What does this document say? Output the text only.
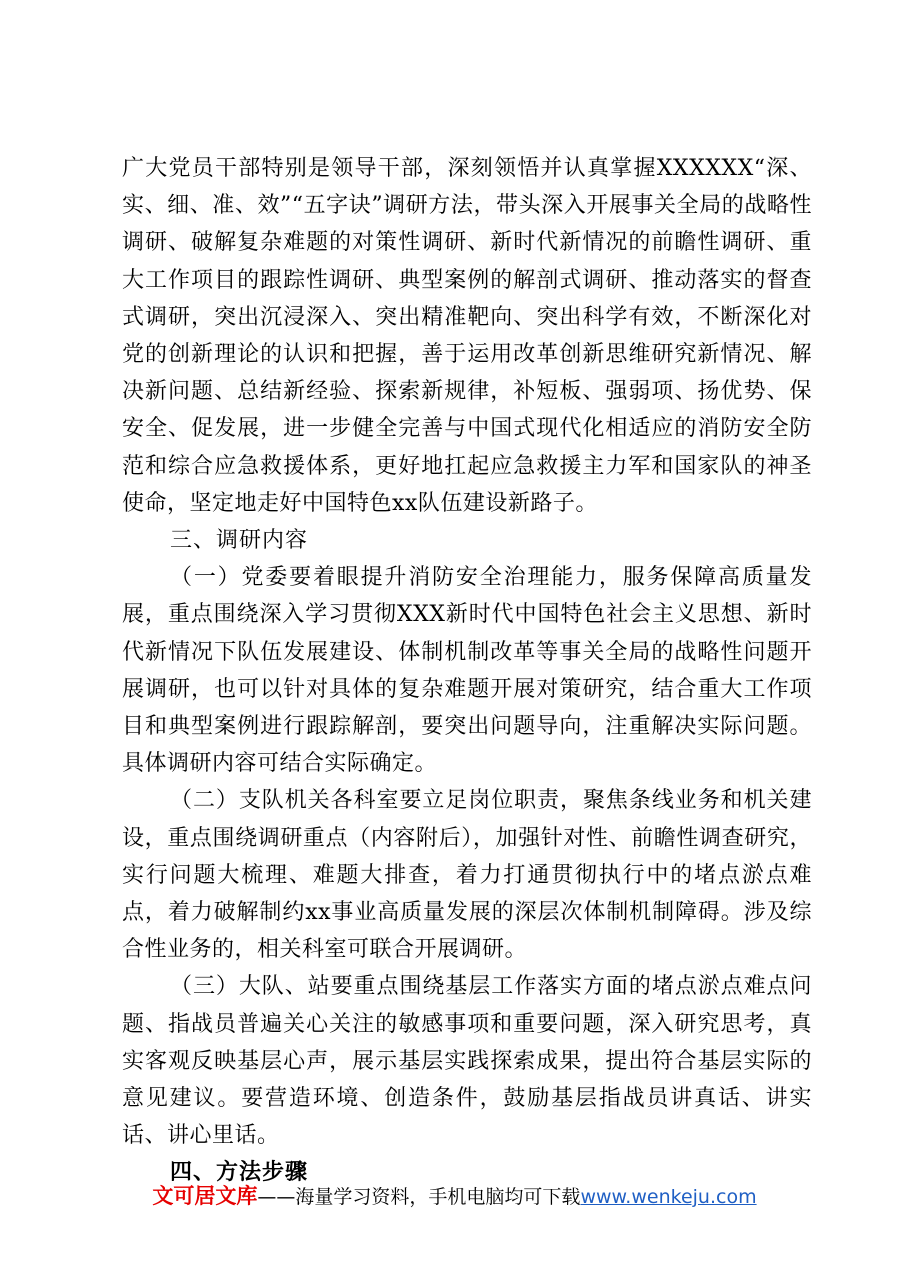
广大党员干部特别是领导干部，深刻领悟并认真掌握XXXXXX“深、实、细、准、效”“五字诀”调研方法，带头深入开展事关全局的战略性调研、破解复杂难题的对策性调研、新时代新情况的前瞻性调研、重大工作项目的跟踪性调研、典型案例的解剖式调研、推动落实的督查式调研，突出沉浸深入、突出精准靶向、突出科学有效，不断深化对党的创新理论的认识和把握，善于运用改革创新思维研究新情况、解决新问题、总结新经验、探索新规律，补短板、强弱项、扬优势、保安全、促发展，进一步健全完善与中国式现代化相适应的消防安全防范和综合应急救援体系，更好地扛起应急救援主力军和国家队的神圣使命，坚定地走好中国特色xx队伍建设新路子。

三、调研内容

（一）党委要着眼提升消防安全治理能力，服务保障高质量发展，重点围绕深入学习贯彻XXX新时代中国特色社会主义思想、新时代新情况下队伍发展建设、体制机制改革等事关全局的战略性问题开展调研，也可以针对具体的复杂难题开展对策研究，结合重大工作项目和典型案例进行跟踪解剖，要突出问题导向，注重解决实际问题。具体调研内容可结合实际确定。

（二）支队机关各科室要立足岗位职责，聚焦条线业务和机关建设，重点围绕调研重点（内容附后），加强针对性、前瞻性调查研究，实行问题大梳理、难题大排查，着力打通贯彻执行中的堵点淤点难点，着力破解制约xx事业高质量发展的深层次体制机制障碍。涉及综合性业务的，相关科室可联合开展调研。

（三）大队、站要重点围绕基层工作落实方面的堵点淤点难点问题、指战员普遍关心关注的敏感事项和重要问题，深入研究思考，真实客观反映基层心声，展示基层实践探索成果，提出符合基层实际的意见建议。要营造环境、创造条件，鼓励基层指战员讲真话、讲实话、讲心里话。

四、方法步骤

文可居文库——海量学习资料，手机电脑均可下载www.wenkeju.com
